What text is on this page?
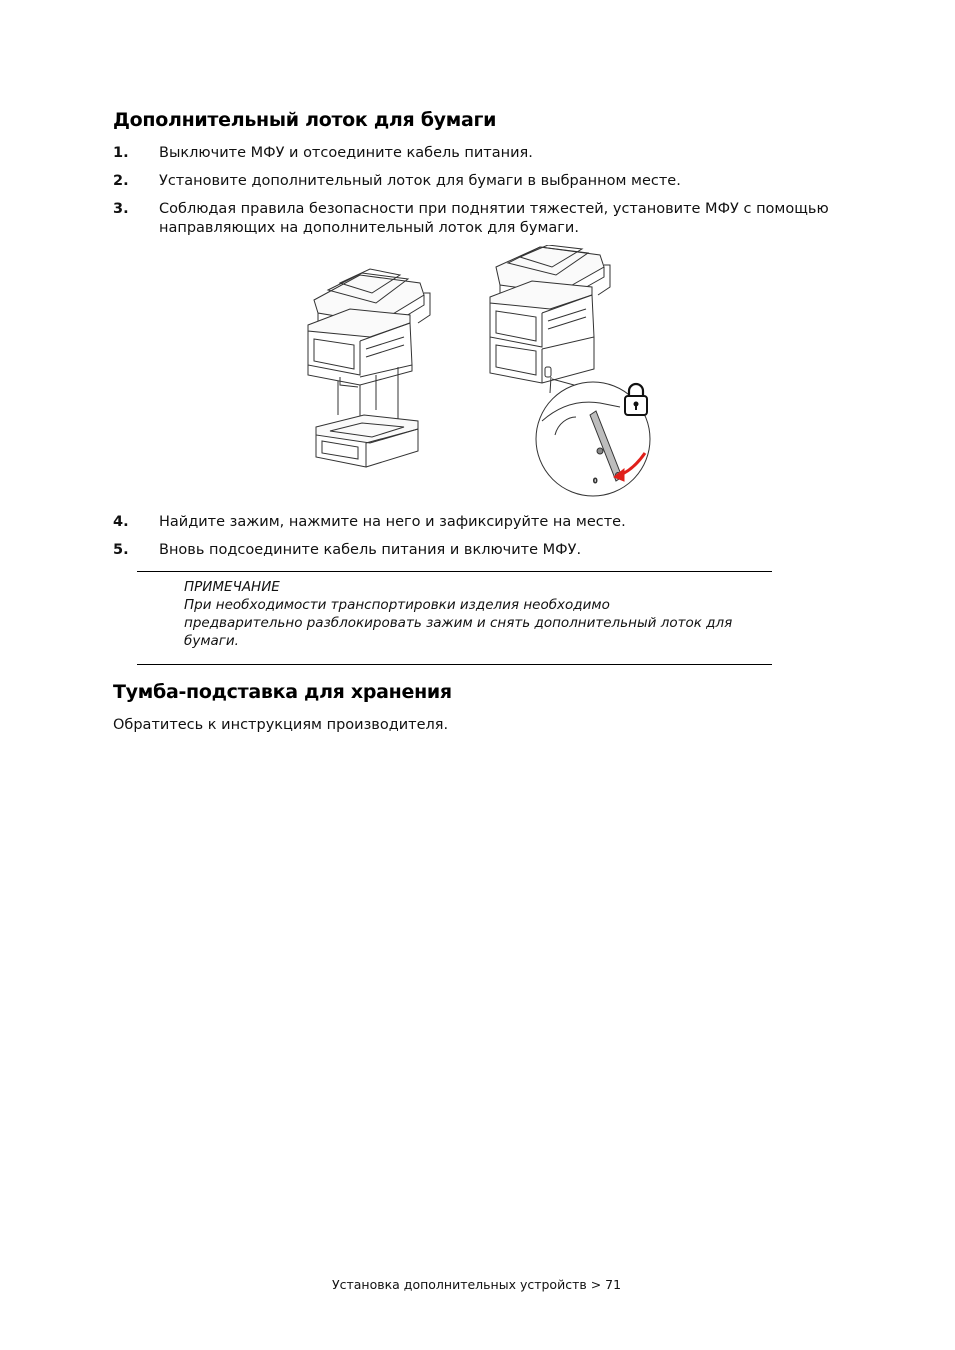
Дополнительный лоток для бумаги
1. Выключите МФУ и отсоедините кабель питания.
2. Установите дополнительный лоток для бумаги в выбранном месте.
3. Соблюдая правила безопасности при поднятии тяжестей, установите МФУ с помощью направляющих на дополнительный лоток для бумаги.
0
4. Найдите зажим, нажмите на него и зафиксируйте на месте.
5. Вновь подсоедините кабель питания и включите МФУ.
ПРИМЕЧАНИЕ
При необходимости транспортировки изделия необходимо
предварительно разблокировать зажим и снять дополнительный лоток для
бумаги.
Тумба-подставка для хранения
Обратитесь к инструкциям производителя.
Установка дополнительных устройств > 71
